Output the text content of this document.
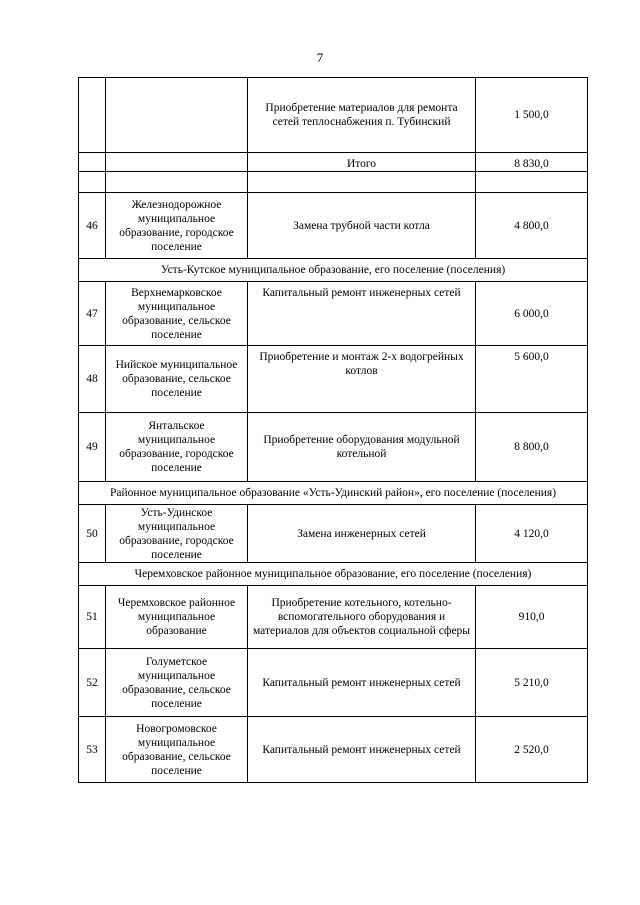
7
		Приобретение материалов для ремонта сетей теплоснабжения п. Тубинский	1 500,0
		Итого	8 830,0

46	Железнодорожное муниципальное образование, городское поселение	Замена трубной части котла	4 800,0
Усть-Кутское муниципальное образование, его поселение (поселения)			
47	Верхнемарковское муниципальное образование, сельское поселение	Капитальный ремонт инженерных сетей	6 000,0
48	Нийское муниципальное образование, сельское поселение	Приобретение и монтаж 2-х водогрейных котлов	5 600,0
49	Янтальское муниципальное образование, городское поселение	Приобретение оборудования модульной котельной	8 800,0
Районное муниципальное образование «Усть-Удинский район», его поселение (поселения)			
50	Усть-Удинское муниципальное образование, городское поселение	Замена инженерных сетей	4 120,0
Черемховское районное муниципальное образование, его поселение (поселения)			
51	Черемховское районное муниципальное образование	Приобретение котельного, котельно-вспомогательного оборудования и материалов для объектов социальной сферы	910,0
52	Голуметское муниципальное образование, сельское поселение	Капитальный ремонт инженерных сетей	5 210,0
53	Новогромовское муниципальное образование, сельское поселение	Капитальный ремонт инженерных сетей	2 520,0
